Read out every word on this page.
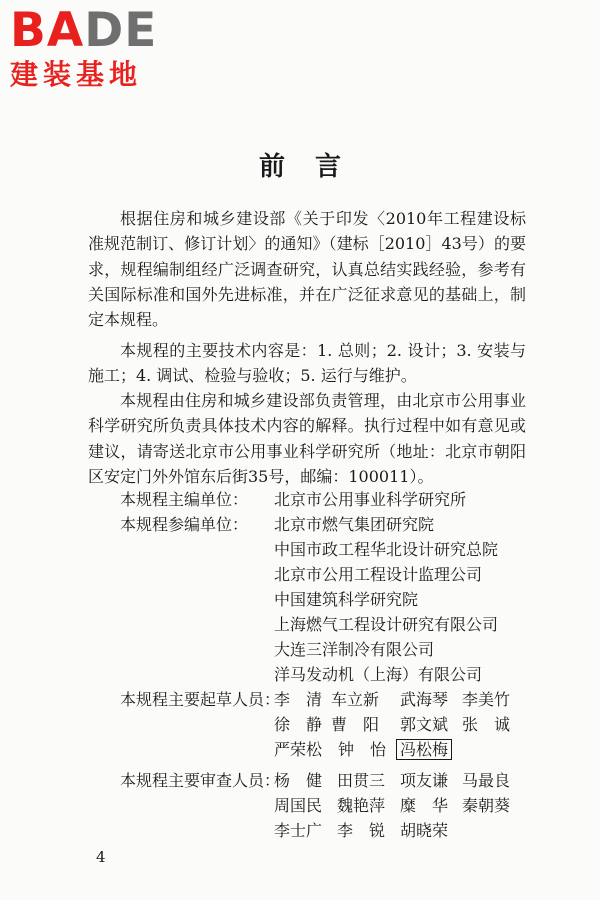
BADE
建装基地
前言

根据住房和城乡建设部《关于印发〈2010年工程建设标准规范制订、修订计划〉的通知》（建标［2010］43号）的要求，规程编制组经广泛调查研究，认真总结实践经验，参考有关国际标准和国外先进标准，并在广泛征求意见的基础上，制定本规程。

本规程的主要技术内容是：1. 总则；2. 设计；3. 安装与施工；4. 调试、检验与验收；5. 运行与维护。

本规程由住房和城乡建设部负责管理，由北京市公用事业科学研究所负责具体技术内容的解释。执行过程中如有意见或建议，请寄送北京市公用事业科学研究所（地址：北京市朝阳区安定门外外馆东后街35号，邮编：100011）。

本规程主编单位： 北京市公用事业科学研究所
本规程参编单位： 北京市燃气集团研究院
中国市政工程华北设计研究总院
北京市公用工程设计监理公司
中国建筑科学研究院
上海燃气工程设计研究有限公司
大连三洋制冷有限公司
洋马发动机（上海）有限公司
本规程主要起草人员：
李　清 车立新 武海琴 李美竹
徐　静 曹　阳 郭文斌 张　诚
严荣松 钟　怡 冯松梅
本规程主要审查人员：
杨　健 田贯三 项友谦 马最良
周国民 魏艳萍 糜　华 秦朝葵
李士广 李　锐 胡晓荣
4
